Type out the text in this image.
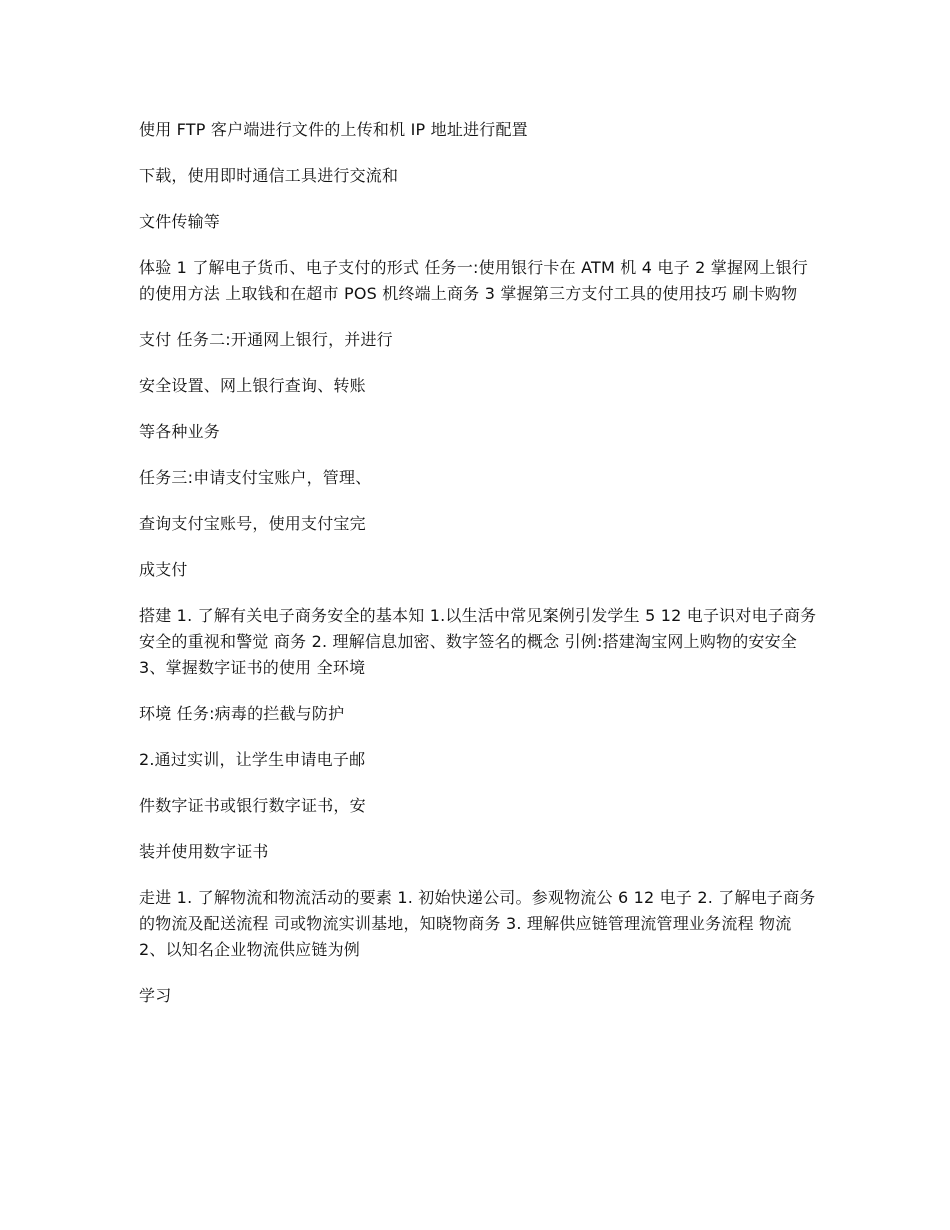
使用 FTP 客户端进行文件的上传和机 IP 地址进行配置

下载，使用即时通信工具进行交流和

文件传输等

体验 1 了解电子货币、电子支付的形式 任务一:使用银行卡在 ATM 机 4 电子 2 掌握网上银行的使用方法 上取钱和在超市 POS 机终端上商务 3 掌握第三方支付工具的使用技巧 刷卡购物

支付 任务二:开通网上银行，并进行

安全设置、网上银行查询、转账

等各种业务

任务三:申请支付宝账户，管理、

查询支付宝账号，使用支付宝完

成支付

搭建 1. 了解有关电子商务安全的基本知 1.以生活中常见案例引发学生 5 12 电子识对电子商务安全的重视和警觉 商务 2. 理解信息加密、数字签名的概念 引例:搭建淘宝网上购物的安安全 3、掌握数字证书的使用 全环境

环境 任务:病毒的拦截与防护

2.通过实训，让学生申请电子邮

件数字证书或银行数字证书，安

装并使用数字证书

走进 1. 了解物流和物流活动的要素 1. 初始快递公司。参观物流公 6 12 电子 2. 了解电子商务的物流及配送流程 司或物流实训基地，知晓物商务 3. 理解供应链管理流管理业务流程 物流 2、以知名企业物流供应链为例

学习
